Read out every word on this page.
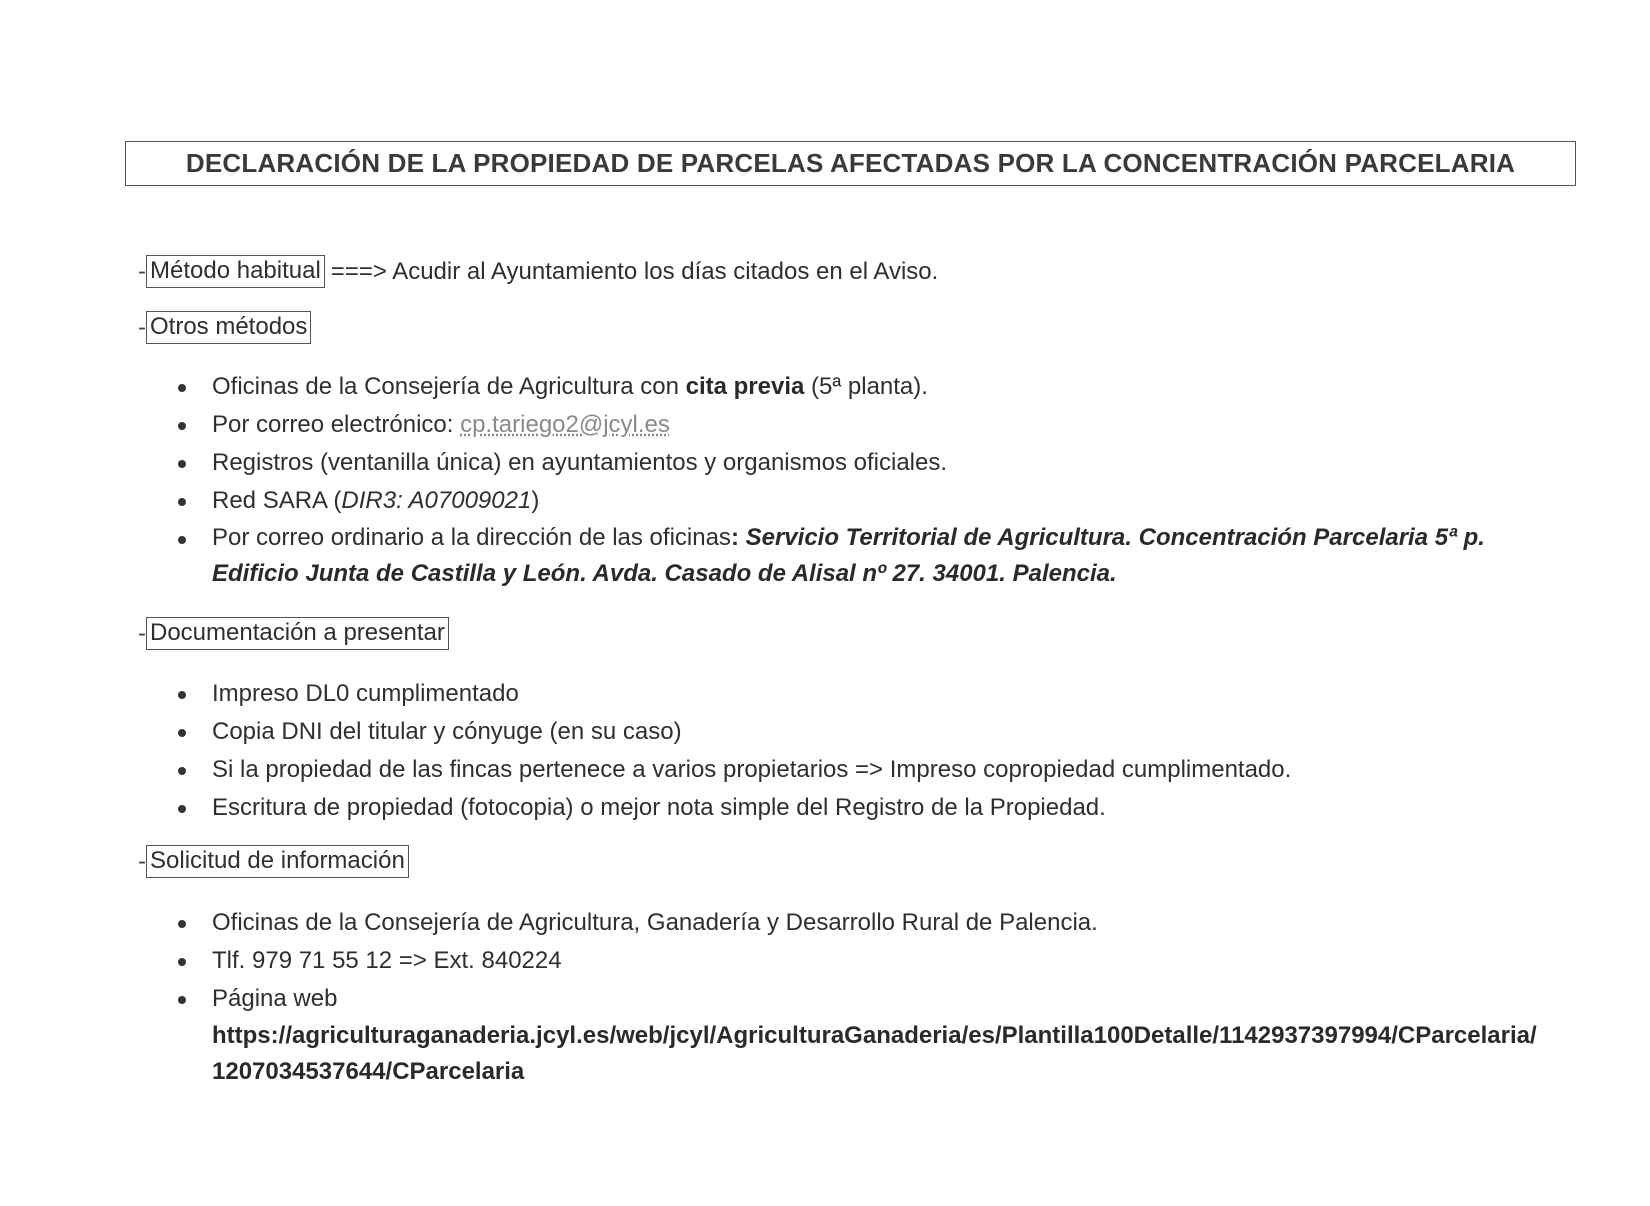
DECLARACIÓN DE LA PROPIEDAD DE PARCELAS AFECTADAS POR LA CONCENTRACIÓN PARCELARIA
- Método habitual ===> Acudir al Ayuntamiento los días citados en el Aviso.
- Otros métodos
Oficinas de la Consejería de Agricultura con cita previa (5ª planta).
Por correo electrónico: cp.tariego2@jcyl.es
Registros (ventanilla única) en ayuntamientos y organismos oficiales.
Red SARA (DIR3: A07009021)
Por correo ordinario a la dirección de las oficinas: Servicio Territorial de Agricultura. Concentración Parcelaria 5ª p. Edificio Junta de Castilla y León. Avda. Casado de Alisal nº 27. 34001. Palencia.
- Documentación a presentar
Impreso DL0 cumplimentado
Copia DNI del titular y cónyuge (en su caso)
Si la propiedad de las fincas pertenece a varios propietarios => Impreso copropiedad cumplimentado.
Escritura de propiedad (fotocopia) o mejor nota simple del Registro de la Propiedad.
- Solicitud de información
Oficinas de la Consejería de Agricultura, Ganadería y Desarrollo Rural de Palencia.
Tlf. 979 71 55 12 => Ext. 840224
Página web
https://agriculturaganaderia.jcyl.es/web/jcyl/AgriculturaGanaderia/es/Plantilla100Detalle/1142937397994/CParcelaria/1207034537644/CParcelaria
